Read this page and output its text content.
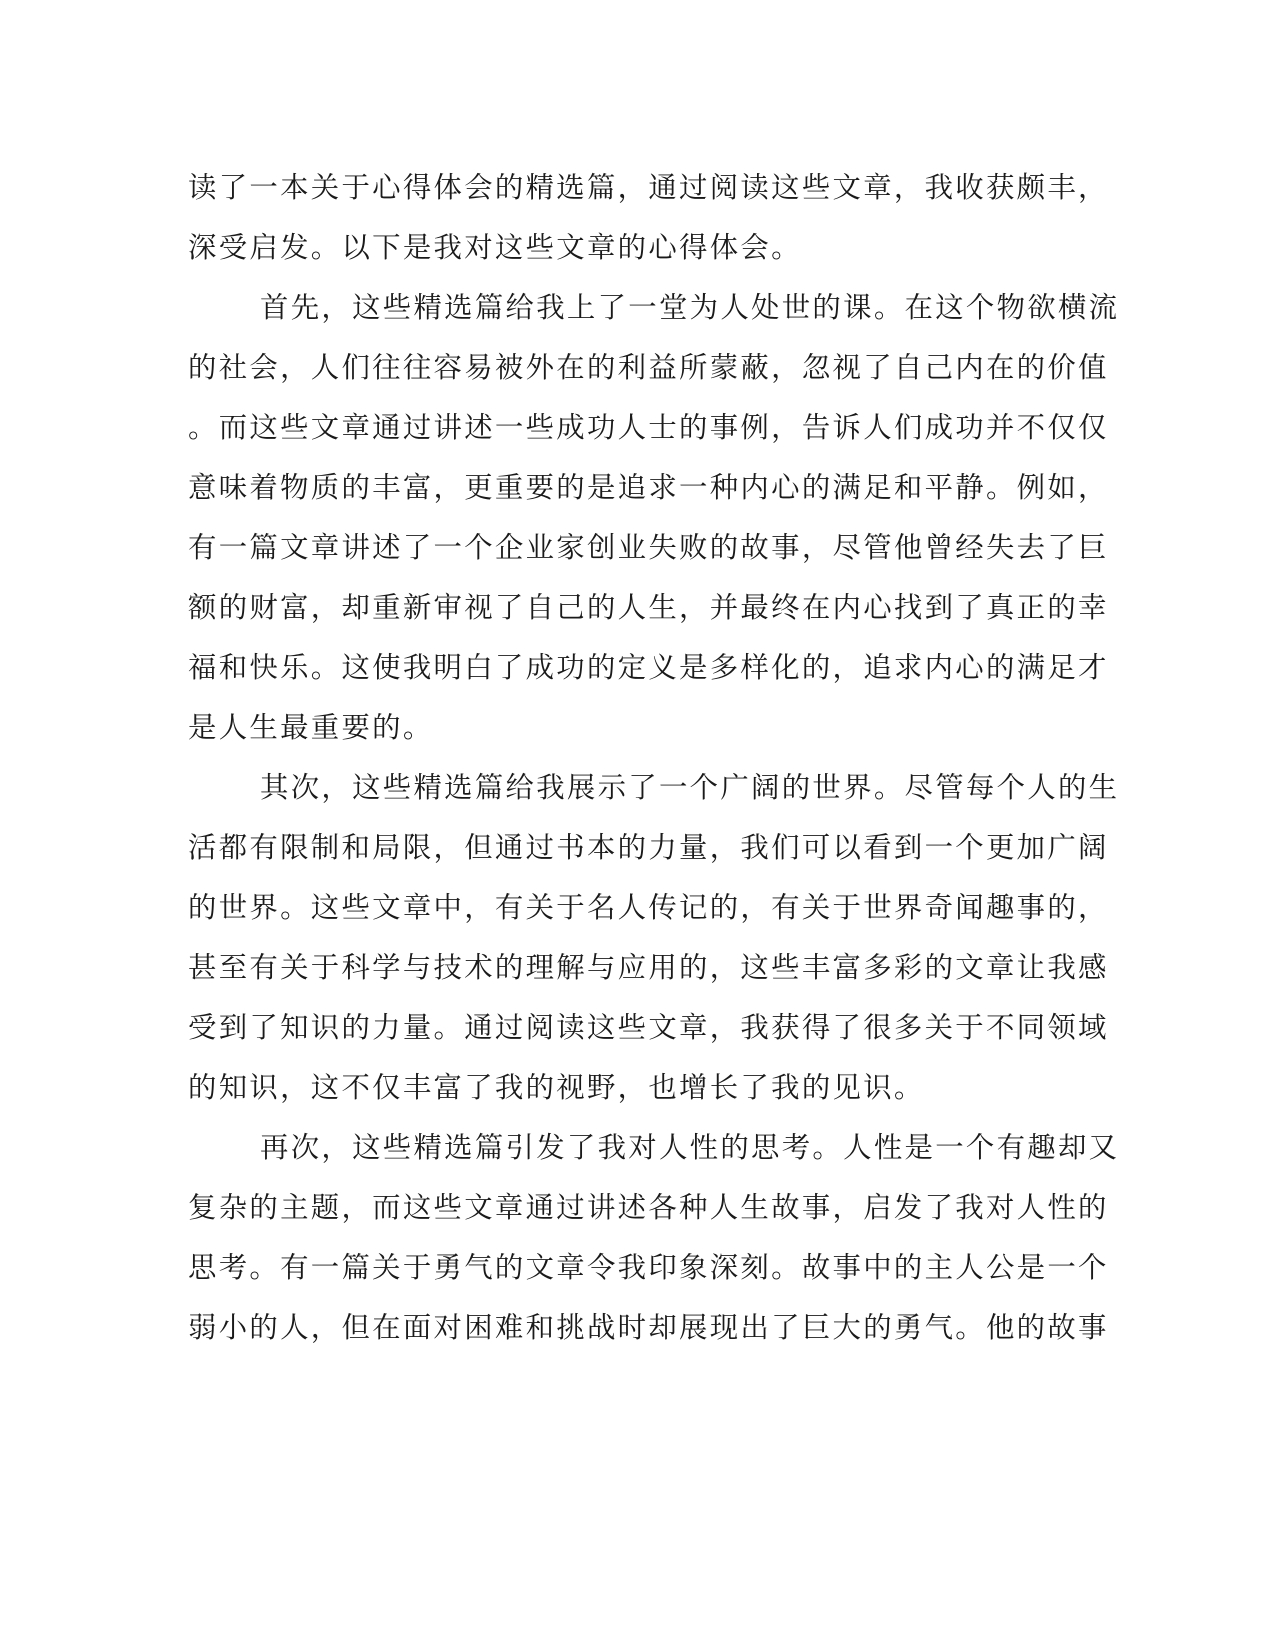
读了一本关于心得体会的精选篇，通过阅读这些文章，我收获颇丰，
深受启发。以下是我对这些文章的心得体会。
首先，这些精选篇给我上了一堂为人处世的课。在这个物欲横流
的社会，人们往往容易被外在的利益所蒙蔽，忽视了自己内在的价值
。而这些文章通过讲述一些成功人士的事例，告诉人们成功并不仅仅
意味着物质的丰富，更重要的是追求一种内心的满足和平静。例如，
有一篇文章讲述了一个企业家创业失败的故事，尽管他曾经失去了巨
额的财富，却重新审视了自己的人生，并最终在内心找到了真正的幸
福和快乐。这使我明白了成功的定义是多样化的，追求内心的满足才
是人生最重要的。
其次，这些精选篇给我展示了一个广阔的世界。尽管每个人的生
活都有限制和局限，但通过书本的力量，我们可以看到一个更加广阔
的世界。这些文章中，有关于名人传记的，有关于世界奇闻趣事的，
甚至有关于科学与技术的理解与应用的，这些丰富多彩的文章让我感
受到了知识的力量。通过阅读这些文章，我获得了很多关于不同领域
的知识，这不仅丰富了我的视野，也增长了我的见识。
再次，这些精选篇引发了我对人性的思考。人性是一个有趣却又
复杂的主题，而这些文章通过讲述各种人生故事，启发了我对人性的
思考。有一篇关于勇气的文章令我印象深刻。故事中的主人公是一个
弱小的人，但在面对困难和挑战时却展现出了巨大的勇气。他的故事
